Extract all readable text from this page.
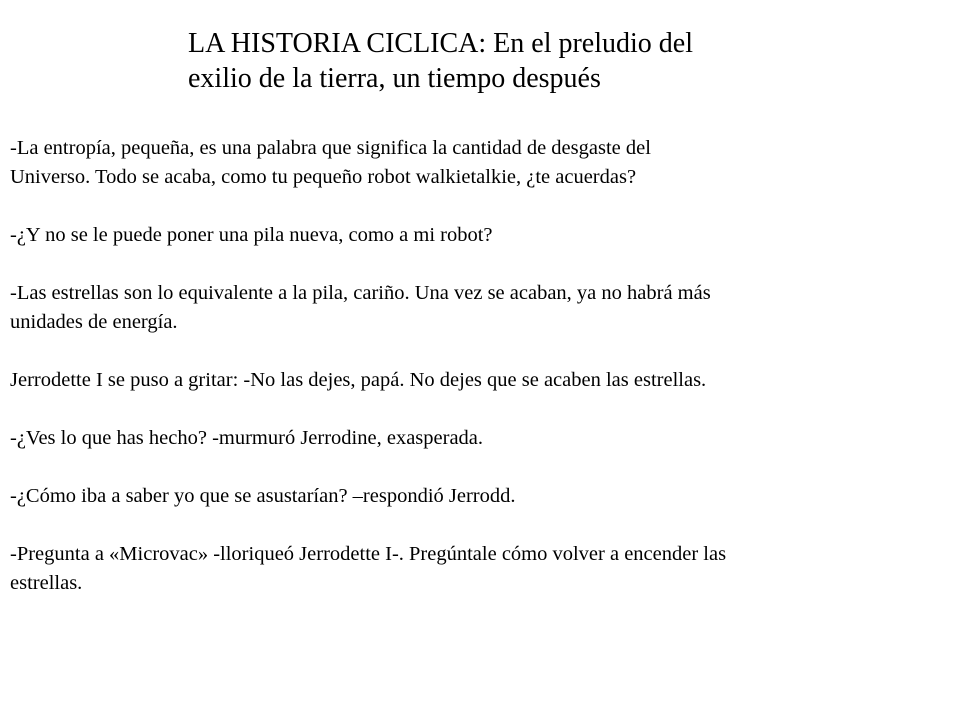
LA HISTORIA CICLICA: En el preludio del
exilio de la tierra, un tiempo después

-La entropía, pequeña, es una palabra que significa la cantidad de desgaste del

Universo. Todo se acaba, como tu pequeño robot walkietalkie, ¿te acuerdas?

-¿Y no se le puede poner una pila nueva, como a mi robot?

-Las estrellas son lo equivalente a la pila, cariño. Una vez se acaban, ya no habrá más

unidades de energía.

Jerrodette I se puso a gritar: -No las dejes, papá. No dejes que se acaben las estrellas.

-¿Ves lo que has hecho? -murmuró Jerrodine, exasperada.

-¿Cómo iba a saber yo que se asustarían? –respondió Jerrodd.

-Pregunta a «Microvac» -lloriqueó Jerrodette I-. Pregúntale cómo volver a encender las

estrellas.
